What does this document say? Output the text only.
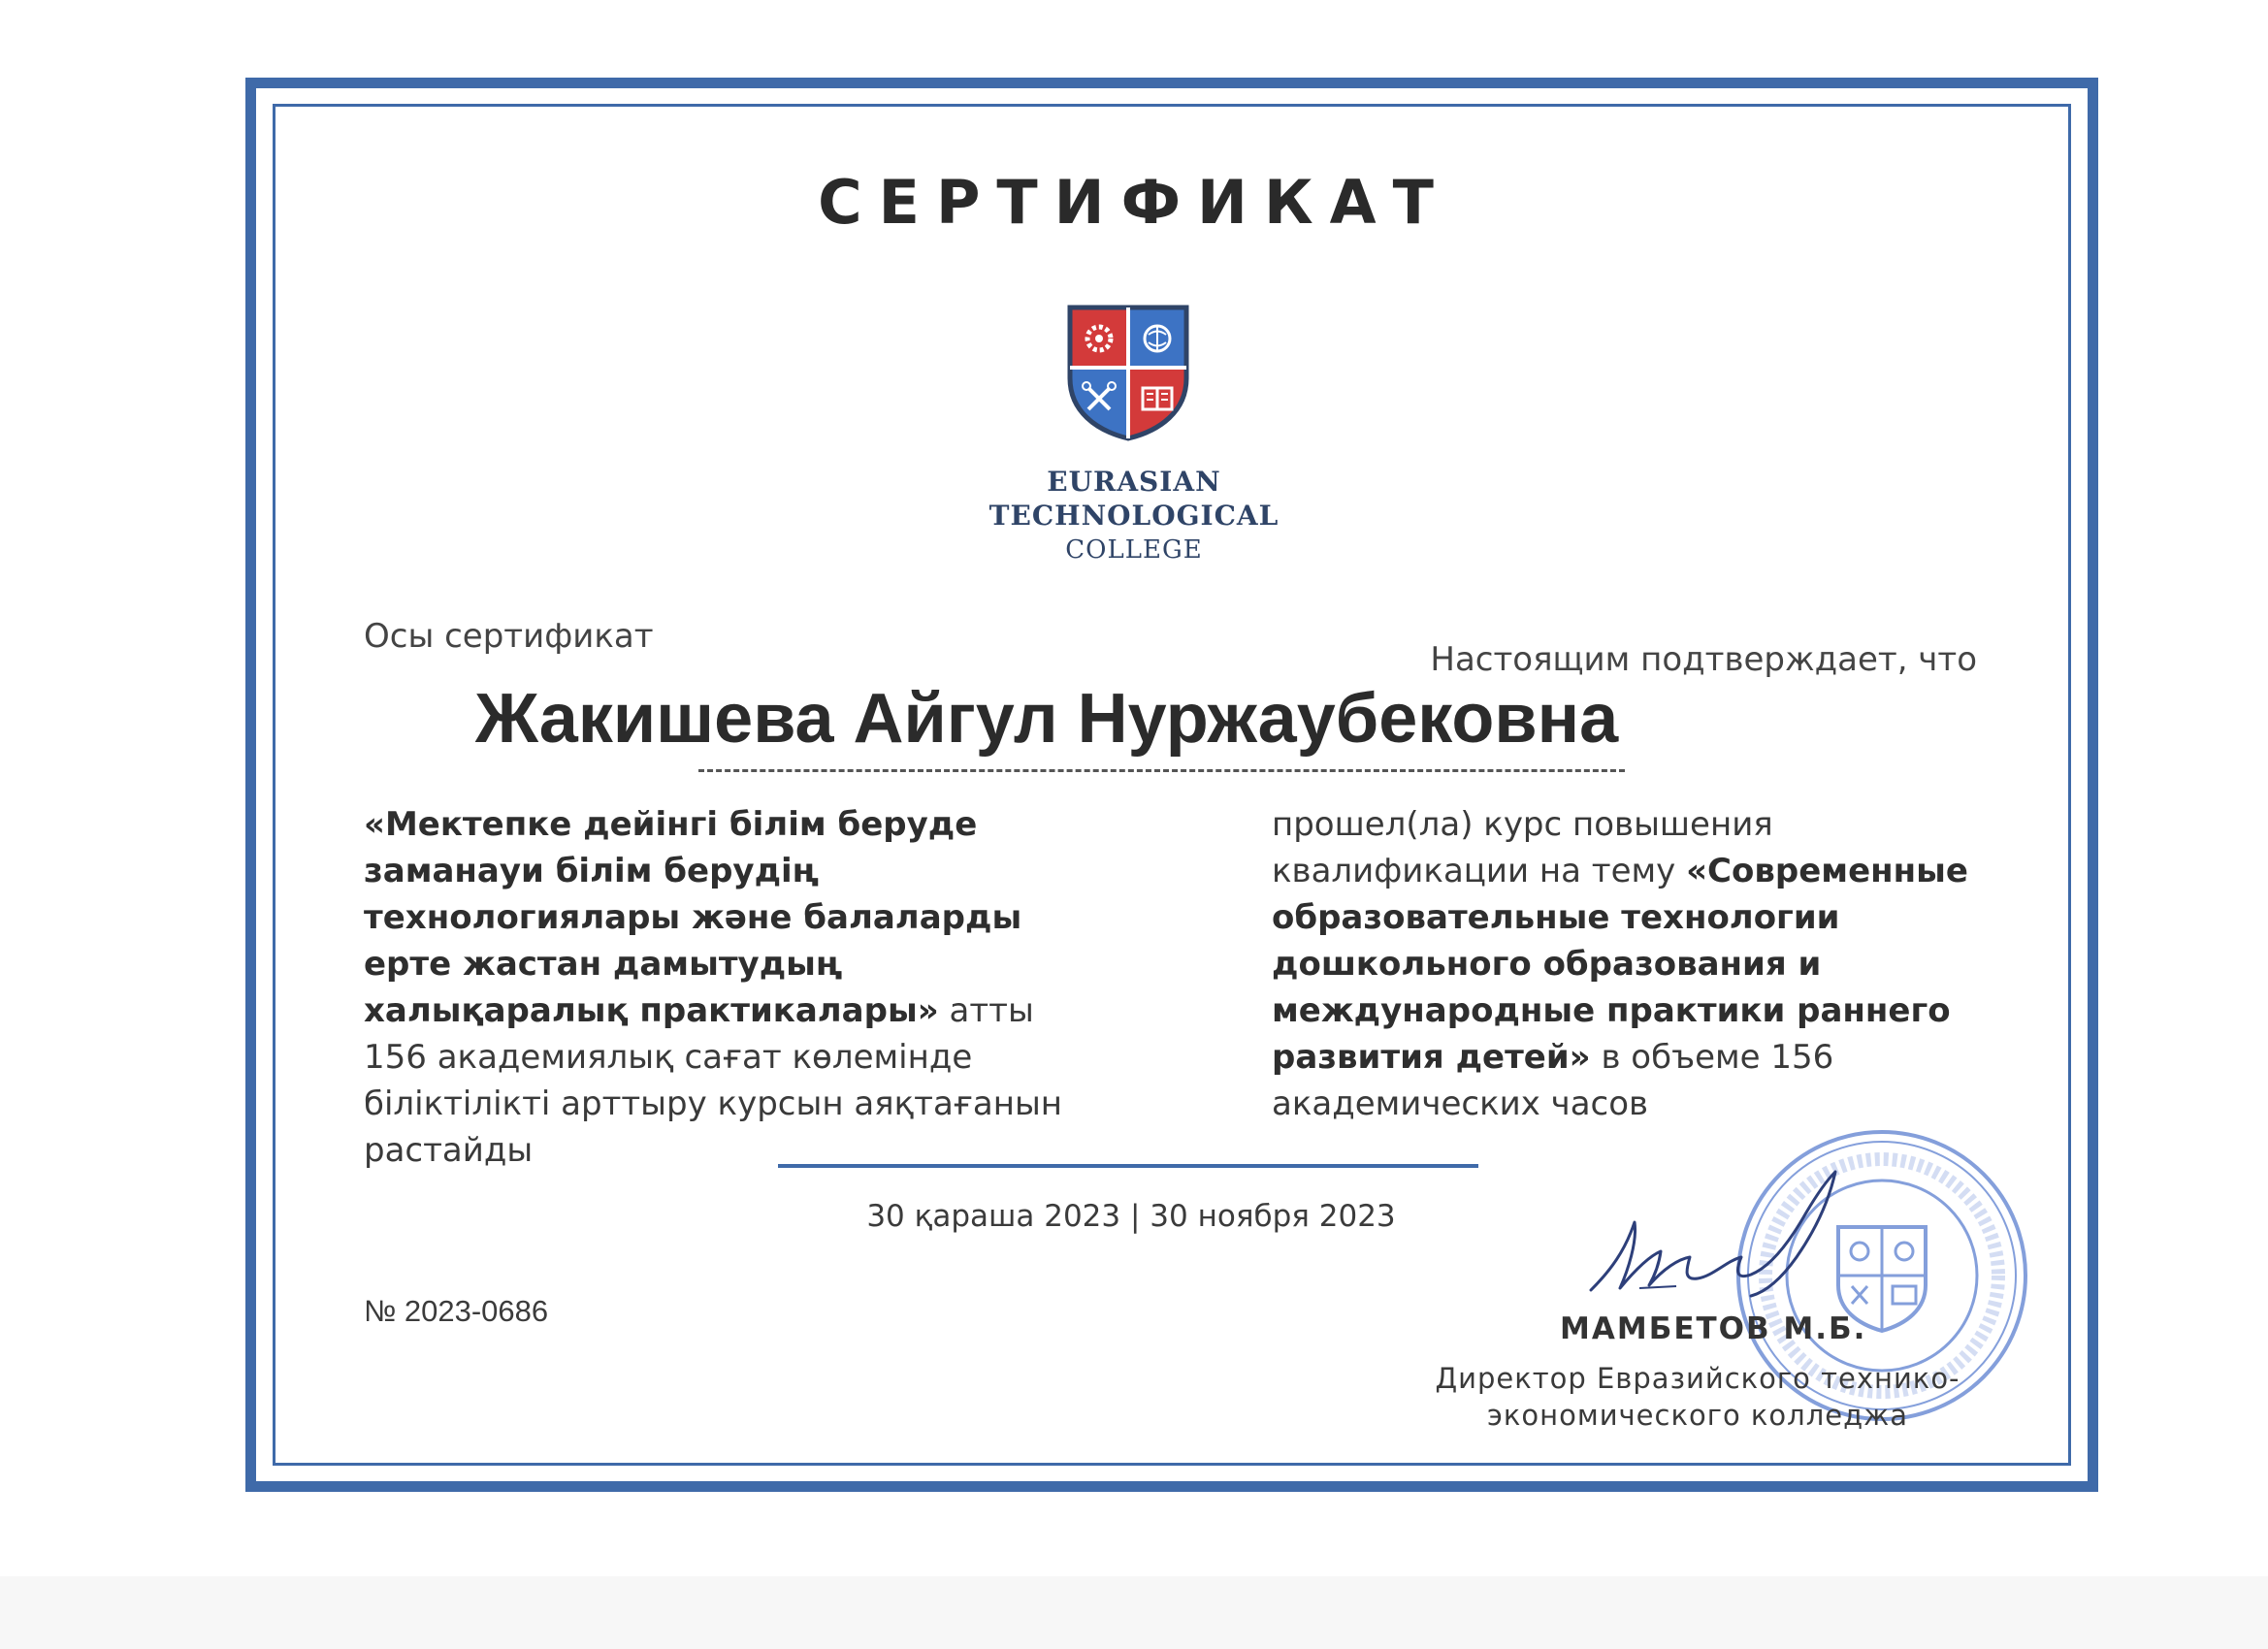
СЕРТИФИКАТ
EURASIAN
TECHNOLOGICAL
COLLEGE
Осы сертификат
Настоящим подтверждает, что
Жакишева Айгул Нуржаубековна
«Мектепке дейінгі білім беруде заманауи білім берудің технологиялары және балаларды ерте жастан дамытудың халықаралық практикалары» атты 156 академиялық сағат көлемінде біліктілікті арттыру курсын аяқтағанын растайды
прошел(ла) курс повышения квалификации на тему «Современные образовательные технологии дошкольного образования и международные практики раннего развития детей» в объеме 156 академических часов
30 қараша 2023 | 30 ноября 2023
№ 2023-0686
МАМБЕТОВ М.Б.
Директор Евразийского технико-
экономического колледжа
